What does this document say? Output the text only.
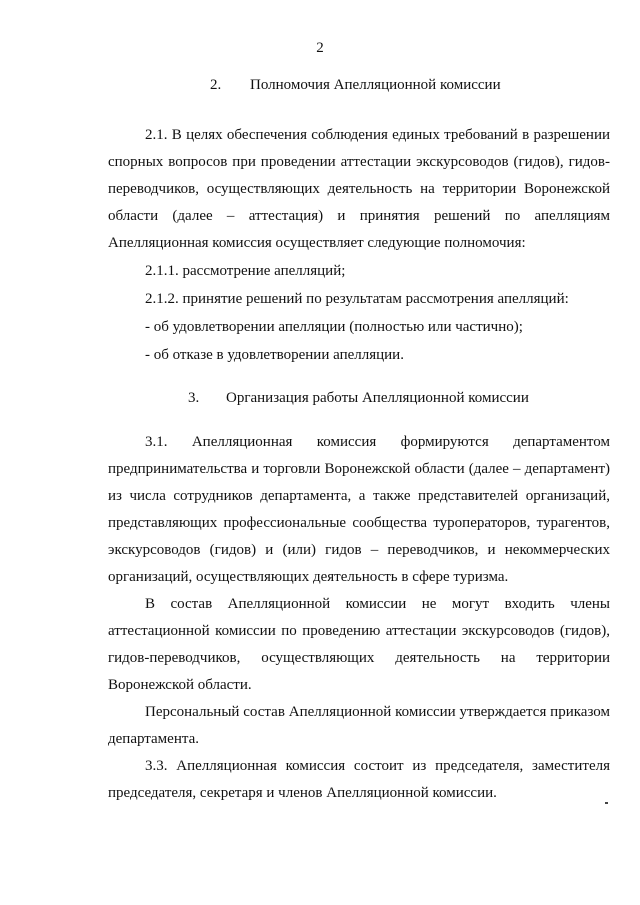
2
2. Полномочия Апелляционной комиссии

2.1. В целях обеспечения соблюдения единых требований в разрешении спорных вопросов при проведении аттестации экскурсоводов (гидов), гидов-переводчиков, осуществляющих деятельность на территории Воронежской области (далее – аттестация) и принятия решений по апелляциям Апелляционная комиссия осуществляет следующие полномочия:

2.1.1. рассмотрение апелляций;

2.1.2. принятие решений по результатам рассмотрения апелляций:

- об удовлетворении апелляции (полностью или частично);

- об отказе в удовлетворении апелляции.

3. Организация работы Апелляционной комиссии

3.1. Апелляционная комиссия формируются департаментом предпринимательства и торговли Воронежской области (далее – департамент) из числа сотрудников департамента, а также представителей организаций, представляющих профессиональные сообщества туроператоров, турагентов, экскурсоводов (гидов) и (или) гидов – переводчиков, и некоммерческих организаций, осуществляющих деятельность в сфере туризма.

В состав Апелляционной комиссии не могут входить члены аттестационной комиссии по проведению аттестации экскурсоводов (гидов), гидов-переводчиков, осуществляющих деятельность на территории Воронежской области.

Персональный состав Апелляционной комиссии утверждается приказом департамента.

3.3. Апелляционная комиссия состоит из председателя, заместителя председателя, секретаря и членов Апелляционной комиссии.
